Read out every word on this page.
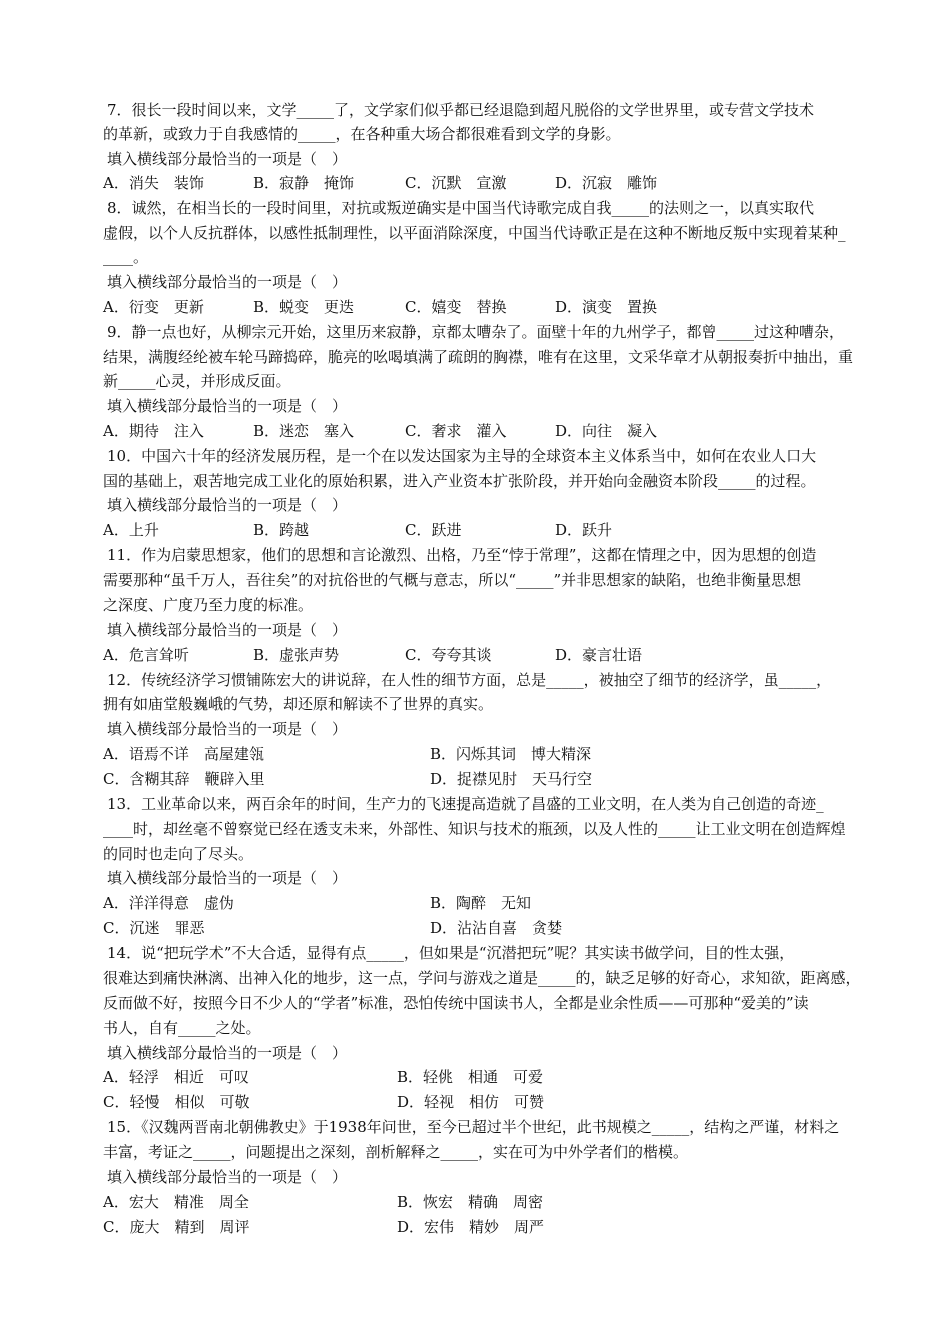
7．很长一段时间以来，文学_____了，文学家们似乎都已经退隐到超凡脱俗的文学世界里，或专营文学技术
的革新，或致力于自我感情的_____，在各种重大场合都很难看到文学的身影。
填入横线部分最恰当的一项是（　）
A．消失　装饰	B．寂静　掩饰	C．沉默　宣激	D．沉寂　雕饰
8．诚然，在相当长的一段时间里，对抗或叛逆确实是中国当代诗歌完成自我_____的法则之一，以真实取代
虚假，以个人反抗群体，以感性抵制理性，以平面消除深度，中国当代诗歌正是在这种不断地反叛中实现着某种_
____。
填入横线部分最恰当的一项是（　）
A．衍变　更新	B．蜕变　更迭	C．嬉变　替换	D．演变　置换
9．静一点也好，从柳宗元开始，这里历来寂静，京都太嘈杂了。面壁十年的九州学子，都曾_____过这种嘈杂，
结果，满腹经纶被车轮马蹄捣碎，脆亮的吆喝填满了疏朗的胸襟，唯有在这里，文采华章才从朝报奏折中抽出，重
新_____心灵，并形成反面。
填入横线部分最恰当的一项是（　）
A．期待　注入	B．迷恋　塞入	C．奢求　灌入	D．向往　凝入
10．中国六十年的经济发展历程，是一个在以发达国家为主导的全球资本主义体系当中，如何在农业人口大
国的基础上，艰苦地完成工业化的原始积累，进入产业资本扩张阶段，并开始向金融资本阶段_____的过程。
填入横线部分最恰当的一项是（　）
A．上升	B．跨越	C．跃进	D．跃升
11．作为启蒙思想家，他们的思想和言论激烈、出格，乃至“悖于常理”，这都在情理之中，因为思想的创造
需要那种“虽千万人，吾往矣”的对抗俗世的气概与意志，所以“_____”并非思想家的缺陷，也绝非衡量思想
之深度、广度乃至力度的标准。
填入横线部分最恰当的一项是（　）
A．危言耸听	B．虚张声势	C．夸夸其谈	D．豪言壮语
12．传统经济学习惯铺陈宏大的讲说辞，在人性的细节方面，总是_____，被抽空了细节的经济学，虽_____，
拥有如庙堂般巍峨的气势，却还原和解读不了世界的真实。
填入横线部分最恰当的一项是（　）
A．语焉不详　高屋建瓴	B．闪烁其词　博大精深
C．含糊其辞　鞭辟入里	D．捉襟见肘　天马行空
13．工业革命以来，两百余年的时间，生产力的飞速提高造就了昌盛的工业文明，在人类为自己创造的奇迹_
____时，却丝毫不曾察觉已经在透支未来，外部性、知识与技术的瓶颈，以及人性的_____让工业文明在创造辉煌
的同时也走向了尽头。
填入横线部分最恰当的一项是（　）
A．洋洋得意　虚伪	B．陶醉　无知
C．沉迷　罪恶	D．沾沾自喜　贪婪
14．说“把玩学术”不大合适，显得有点_____，但如果是“沉潜把玩”呢？其实读书做学问，目的性太强，
很难达到痛快淋漓、出神入化的地步，这一点，学问与游戏之道是_____的，缺乏足够的好奇心，求知欲，距离感，
反而做不好，按照今日不少人的“学者”标准，恐怕传统中国读书人，全都是业余性质——可那种“爱美的”读
书人，自有_____之处。
填入横线部分最恰当的一项是（　）
A．轻浮　相近　可叹	B．轻佻　相通　可爱
C．轻慢　相似　可敬	D．轻视　相仿　可赞
15．《汉魏两晋南北朝佛教史》于1938年问世，至今已超过半个世纪，此书规模之_____，结构之严谨，材料之
丰富，考证之_____，问题提出之深刻，剖析解释之_____，实在可为中外学者们的楷模。
填入横线部分最恰当的一项是（　）
A．宏大　精准　周全	B．恢宏　精确　周密
C．庞大　精到　周评	D．宏伟　精妙　周严
